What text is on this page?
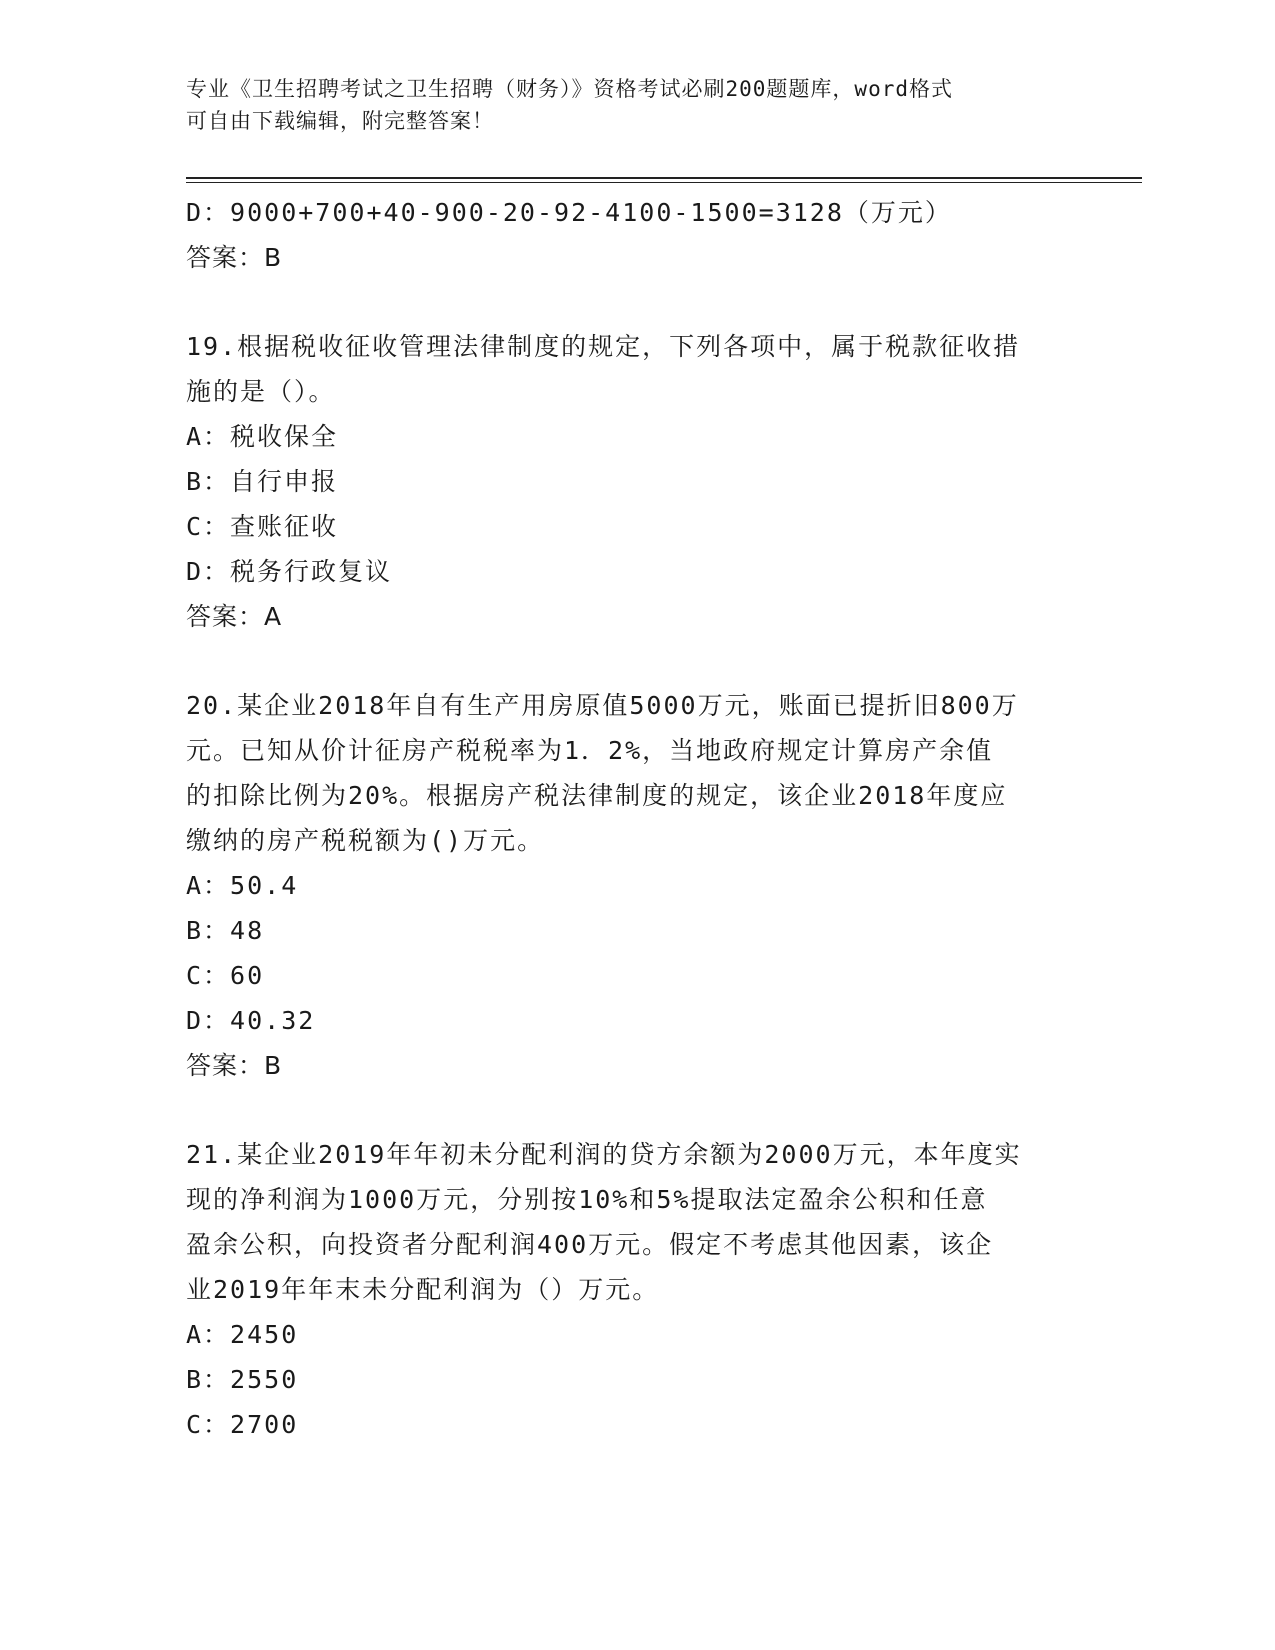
专业《卫生招聘考试之卫生招聘（财务）》资格考试必刷200题题库，word格式
可自由下载编辑，附完整答案！
D：9000+700+40-900-20-92-4100-1500=3128（万元）
答案：B
19.根据税收征收管理法律制度的规定，下列各项中，属于税款征收措
施的是（）。
A：税收保全
B：自行申报
C：查账征收
D：税务行政复议
答案：A
20.某企业2018年自有生产用房原值5000万元，账面已提折旧800万
元。已知从价计征房产税税率为1．2%，当地政府规定计算房产余值
的扣除比例为20%。根据房产税法律制度的规定，该企业2018年度应
缴纳的房产税税额为()万元。
A：50.4
B：48
C：60
D：40.32
答案：B
21.某企业2019年年初未分配利润的贷方余额为2000万元，本年度实
现的净利润为1000万元，分别按10%和5%提取法定盈余公积和任意
盈余公积，向投资者分配利润400万元。假定不考虑其他因素，该企
业2019年年末未分配利润为（）万元。
A：2450
B：2550
C：2700
